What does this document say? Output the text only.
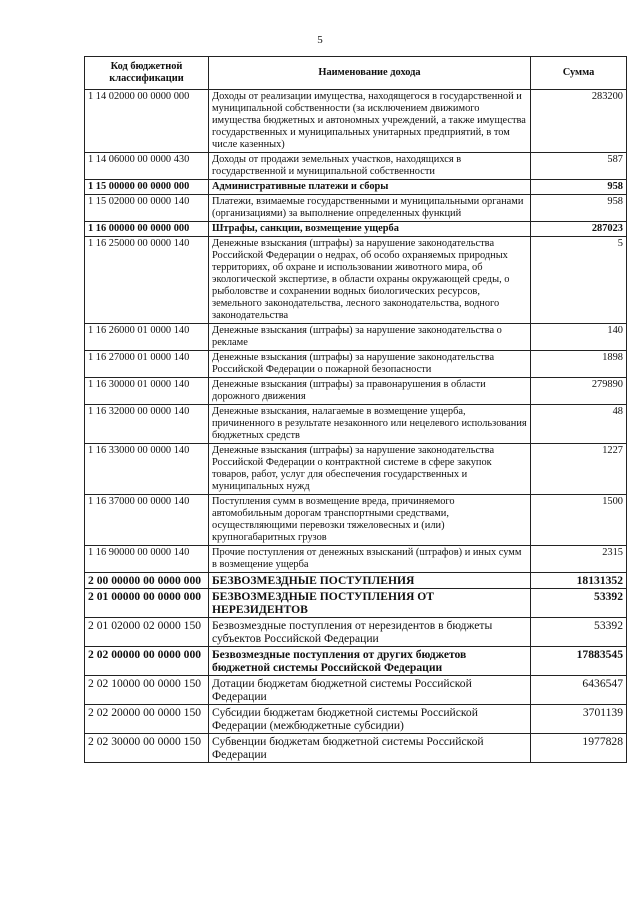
5
Код бюджетной классификации	Наименование дохода	Сумма
1 14 02000 00 0000 000	Доходы от реализации имущества, находящегося в государственной и муниципальной собственности (за исключением движимого имущества бюджетных и автономных учреждений, а также имущества государственных и муниципальных унитарных предприятий, в том числе казенных)	283200
1 14 06000 00 0000 430	Доходы от продажи земельных участков, находящихся в государственной и муниципальной собственности	587
1 15 00000 00 0000 000	Административные платежи и сборы	958
1 15 02000 00 0000 140	Платежи, взимаемые государственными и муниципальными органами (организациями) за выполнение определенных функций	958
1 16 00000 00 0000 000	Штрафы, санкции, возмещение ущерба	287023
1 16 25000 00 0000 140	Денежные взыскания (штрафы) за нарушение законодательства Российской Федерации о недрах, об особо охраняемых природных территориях, об охране и использовании животного мира, об экологической экспертизе, в области охраны окружающей среды, о рыболовстве и сохранении водных биологических ресурсов, земельного законодательства, лесного законодательства, водного законодательства	5
1 16 26000 01 0000 140	Денежные взыскания (штрафы) за нарушение законодательства о рекламе	140
1 16 27000 01 0000 140	Денежные взыскания (штрафы) за нарушение законодательства Российской Федерации о пожарной безопасности	1898
1 16 30000 01 0000 140	Денежные взыскания (штрафы) за правонарушения в области дорожного движения	279890
1 16 32000 00 0000 140	Денежные взыскания, налагаемые в возмещение ущерба, причиненного в результате незаконного или нецелевого использования бюджетных средств	48
1 16 33000 00 0000 140	Денежные взыскания (штрафы) за нарушение законодательства Российской Федерации о контрактной системе в сфере закупок товаров, работ, услуг для обеспечения государственных и муниципальных нужд	1227
1 16 37000 00 0000 140	Поступления сумм в возмещение вреда, причиняемого автомобильным дорогам транспортными средствами, осуществляющими перевозки тяжеловесных и (или) крупногабаритных грузов	1500
1 16 90000 00 0000 140	Прочие поступления от денежных взысканий (штрафов) и иных сумм в возмещение ущерба	2315
2 00 00000 00 0000 000	БЕЗВОЗМЕЗДНЫЕ ПОСТУПЛЕНИЯ	18131352
2 01 00000 00 0000 000	БЕЗВОЗМЕЗДНЫЕ ПОСТУПЛЕНИЯ ОТ НЕРЕЗИДЕНТОВ	53392
2 01 02000 02 0000 150	Безвозмездные поступления от нерезидентов в бюджеты субъектов Российской Федерации	53392
2 02 00000 00 0000 000	Безвозмездные поступления от других бюджетов бюджетной системы Российской Федерации	17883545
2 02 10000 00 0000 150	Дотации бюджетам бюджетной системы Российской Федерации	6436547
2 02 20000 00 0000 150	Субсидии бюджетам бюджетной системы Российской Федерации (межбюджетные субсидии)	3701139
2 02 30000 00 0000 150	Субвенции бюджетам бюджетной системы Российской Федерации	1977828
